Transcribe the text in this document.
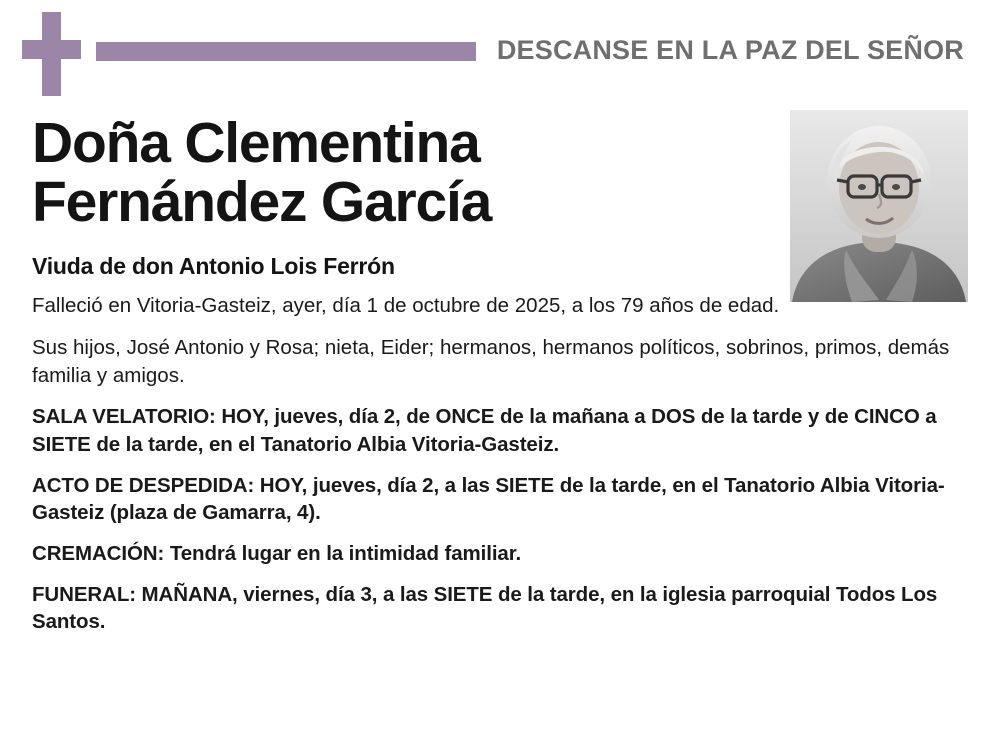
DESCANSE EN LA PAZ DEL SEÑOR
Doña Clementina
Fernández García
Viuda de don Antonio Lois Ferrón

Falleció en Vitoria-Gasteiz, ayer, día 1 de octubre de 2025, a los 79 años de edad.

Sus hijos, José Antonio y Rosa; nieta, Eider; hermanos, hermanos políticos, sobrinos, primos, demás familia y amigos.

SALA VELATORIO: HOY, jueves, día 2, de ONCE de la mañana a DOS de la tarde y de CINCO a SIETE de la tarde, en el Tanatorio Albia Vitoria-Gasteiz.

ACTO DE DESPEDIDA: HOY, jueves, día 2, a las SIETE de la tarde, en el Tanatorio Albia Vitoria-Gasteiz (plaza de Gamarra, 4).

CREMACIÓN: Tendrá lugar en la intimidad familiar.

FUNERAL: MAÑANA, viernes, día 3, a las SIETE de la tarde, en la iglesia parroquial Todos Los Santos.
